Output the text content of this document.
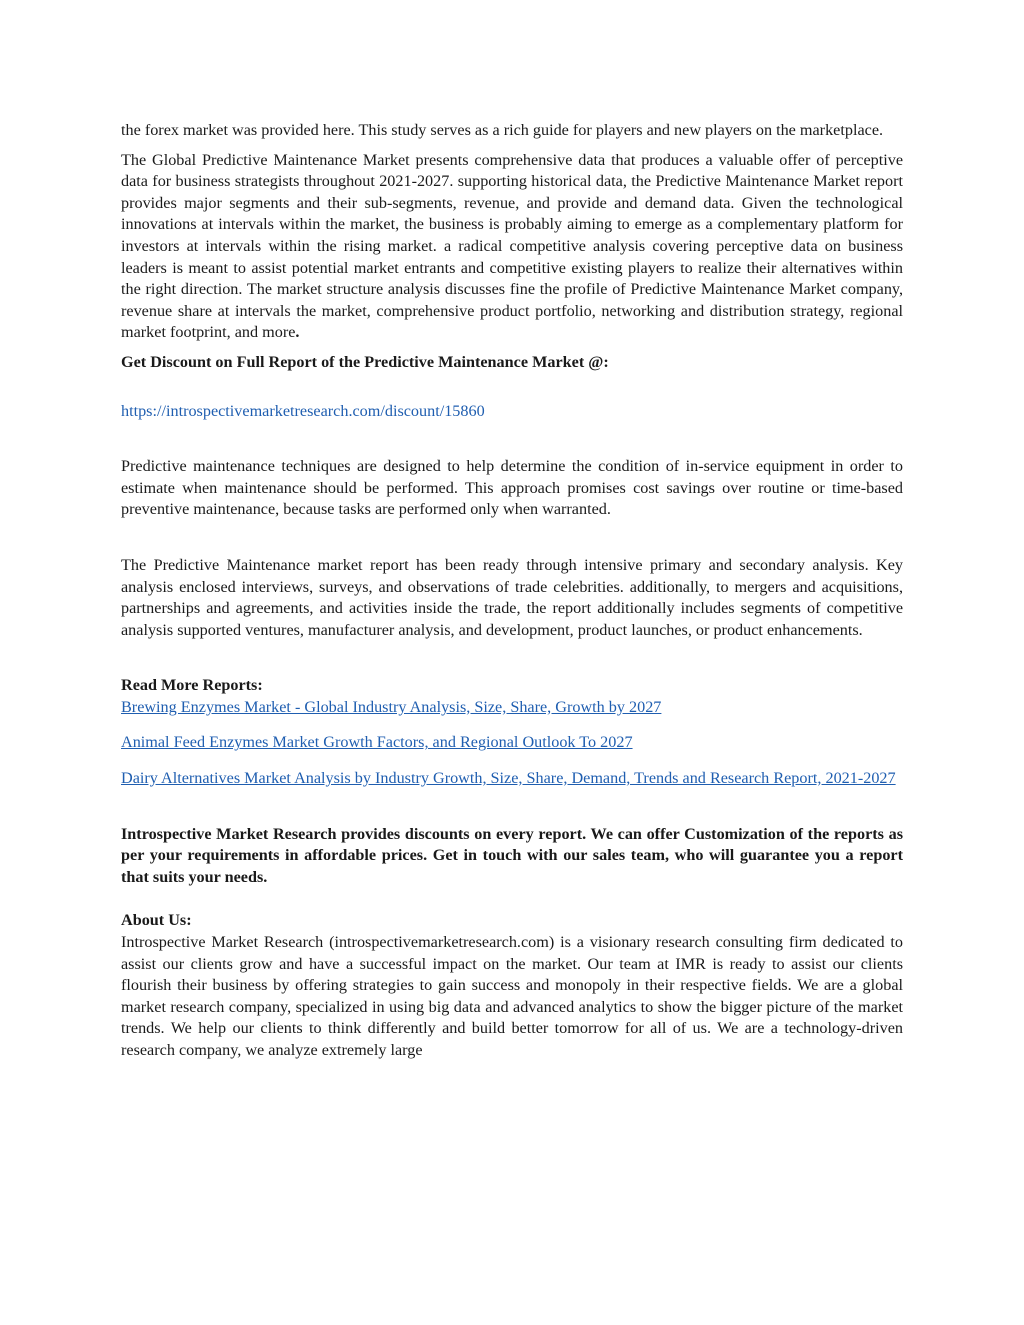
the forex market was provided here. This study serves as a rich guide for players and new players on the marketplace.

The Global Predictive Maintenance Market presents comprehensive data that produces a valuable offer of perceptive data for business strategists throughout 2021-2027. supporting historical data, the Predictive Maintenance Market report provides major segments and their sub-segments, revenue, and provide and demand data. Given the technological innovations at intervals within the market, the business is probably aiming to emerge as a complementary platform for investors at intervals within the rising market. a radical competitive analysis covering perceptive data on business leaders is meant to assist potential market entrants and competitive existing players to realize their alternatives within the right direction. The market structure analysis discusses fine the profile of Predictive Maintenance Market company, revenue share at intervals the market, comprehensive product portfolio, networking and distribution strategy, regional market footprint, and more.

Get Discount on Full Report of the Predictive Maintenance Market @:

https://introspectivemarketresearch.com/discount/15860

Predictive maintenance techniques are designed to help determine the condition of in-service equipment in order to estimate when maintenance should be performed. This approach promises cost savings over routine or time-based preventive maintenance, because tasks are performed only when warranted.

The Predictive Maintenance market report has been ready through intensive primary and secondary analysis. Key analysis enclosed interviews, surveys, and observations of trade celebrities. additionally, to mergers and acquisitions, partnerships and agreements, and activities inside the trade, the report additionally includes segments of competitive analysis supported ventures, manufacturer analysis, and development, product launches, or product enhancements.

Read More Reports:

Brewing Enzymes Market - Global Industry Analysis, Size, Share, Growth by 2027

Animal Feed Enzymes Market Growth Factors, and Regional Outlook To 2027

Dairy Alternatives Market Analysis by Industry Growth, Size, Share, Demand, Trends and Research Report, 2021-2027

Introspective Market Research provides discounts on every report. We can offer Customization of the reports as per your requirements in affordable prices. Get in touch with our sales team, who will guarantee you a report that suits your needs.

About Us:

Introspective Market Research (introspectivemarketresearch.com) is a visionary research consulting firm dedicated to assist our clients grow and have a successful impact on the market. Our team at IMR is ready to assist our clients flourish their business by offering strategies to gain success and monopoly in their respective fields. We are a global market research company, specialized in using big data and advanced analytics to show the bigger picture of the market trends. We help our clients to think differently and build better tomorrow for all of us. We are a technology-driven research company, we analyze extremely large
